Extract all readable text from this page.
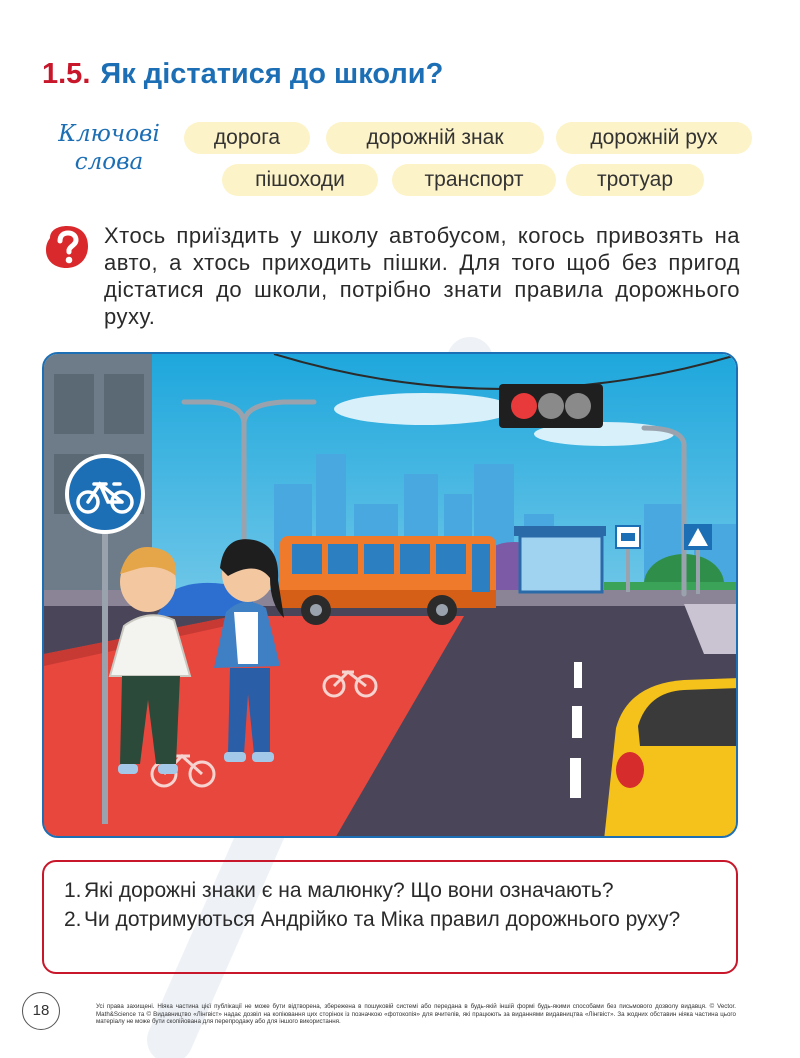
1.5. Як дістатися до школи?
Ключові
слова
дорога	дорожній знак	дорожній рух
пішоходи	транспорт	тротуар
Хтось приїздить у школу автобусом, когось привозять на авто, а хтось приходить пішки. Для того щоб без пригод дістатися до школи, потрібно знати правила дорожнього руху.
1. Які дорожні знаки є на малюнку? Що вони означають?
2. Чи дотримуються Андрійко та Міка правил дорожнього руху?
18	Усі права захищені. Ніяка частина цієї публікації не може бути відтворена, збережена в пошуковій системі або передана в будь-якій іншій формі будь-якими способами без письмового дозволу видавця. © Vector. Math&Science та © Видавництво «Лінгвіст» надає дозвіл на копіювання цих сторінок із позначкою «фотокопія» для вчителів, які працюють за виданнями видавництва «Лінгвіст». За жодних обставин ніяка частина цього матеріалу не може бути скопійована для перепродажу або для іншого використання.
